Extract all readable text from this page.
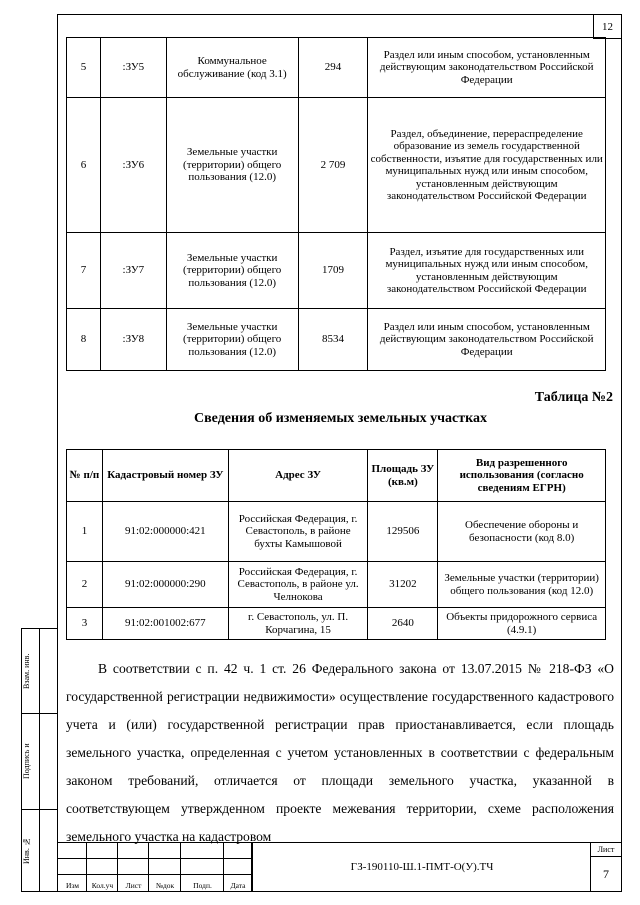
12
5	:ЗУ5	Коммунальное обслуживание (код 3.1)	294	Раздел или иным способом, установленным действующим законодательством Российской Федерации
6	:ЗУ6	Земельные участки (территории) общего пользования (12.0)	2 709	Раздел, объединение, перераспределение образование из земель государственной собственности, изъятие для государственных или муниципальных нужд или иным способом, установленным действующим законодательством Российской Федерации
7	:ЗУ7	Земельные участки (территории) общего пользования (12.0)	1709	Раздел, изъятие для государственных или муниципальных нужд или иным способом, установленным действующим законодательством Российской Федерации
8	:ЗУ8	Земельные участки (территории) общего пользования (12.0)	8534	Раздел или иным способом, установленным действующим законодательством Российской Федерации
Таблица №2
Сведения об изменяемых земельных участках
№ п/п	Кадастровый номер ЗУ	Адрес ЗУ	Площадь ЗУ (кв.м)	Вид разрешенного использования (согласно сведениям ЕГРН)
1	91:02:000000:421	Российская Федерация, г. Севастополь, в районе бухты Камышовой	129506	Обеспечение обороны и безопасности (код 8.0)
2	91:02:000000:290	Российская Федерация, г. Севастополь, в районе ул. Челнокова	31202	Земельные участки (территории) общего пользования (код 12.0)
3	91:02:001002:677	г. Севастополь, ул. П. Корчагина, 15	2640	Объекты придорожного сервиса (4.9.1)

В соответствии с п. 42 ч. 1 ст. 26 Федерального закона от 13.07.2015 № 218-ФЗ «О государственной регистрации недвижимости» осуществление государственного кадастрового учета и (или) государственной регистрации прав приостанавливается, если площадь земельного участка, определенная с учетом установленных в соответствии с федеральным законом требований, отличается от площади земельного участка, указанной в соответствующем утвержденном проекте межевания территории, схеме расположения земельного участка на кадастровом

Изм	Кол.уч	Лист	№док	Подп.	Дата
ГЗ-190110-Ш.1-ПМТ-О(У).ТЧ
Лист
7
Взам. инв.
Подпись и
Инв. №
